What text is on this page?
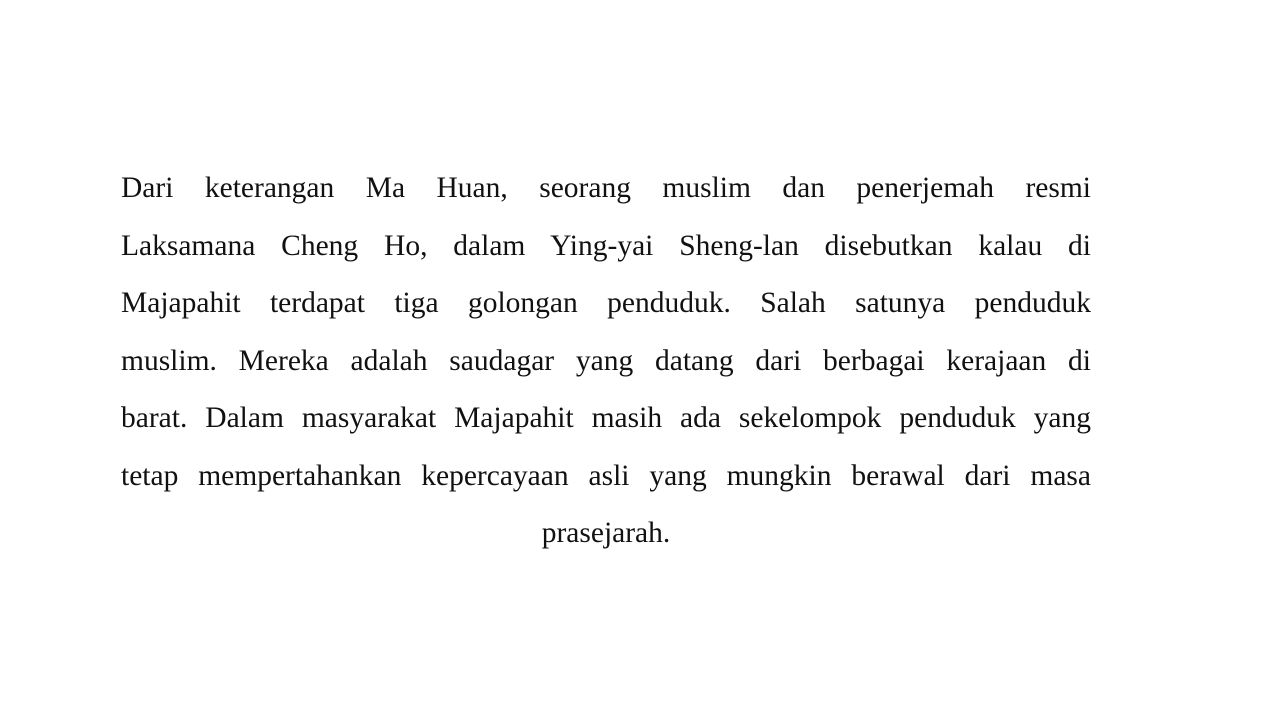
Dari keterangan Ma Huan, seorang muslim dan penerjemah resmi
Laksamana Cheng Ho, dalam Ying-yai Sheng-lan disebutkan kalau di
Majapahit terdapat tiga golongan penduduk. Salah satunya penduduk
muslim. Mereka adalah saudagar yang datang dari berbagai kerajaan di
barat. Dalam masyarakat Majapahit masih ada sekelompok penduduk yang
tetap mempertahankan kepercayaan asli yang mungkin berawal dari masa
prasejarah.
